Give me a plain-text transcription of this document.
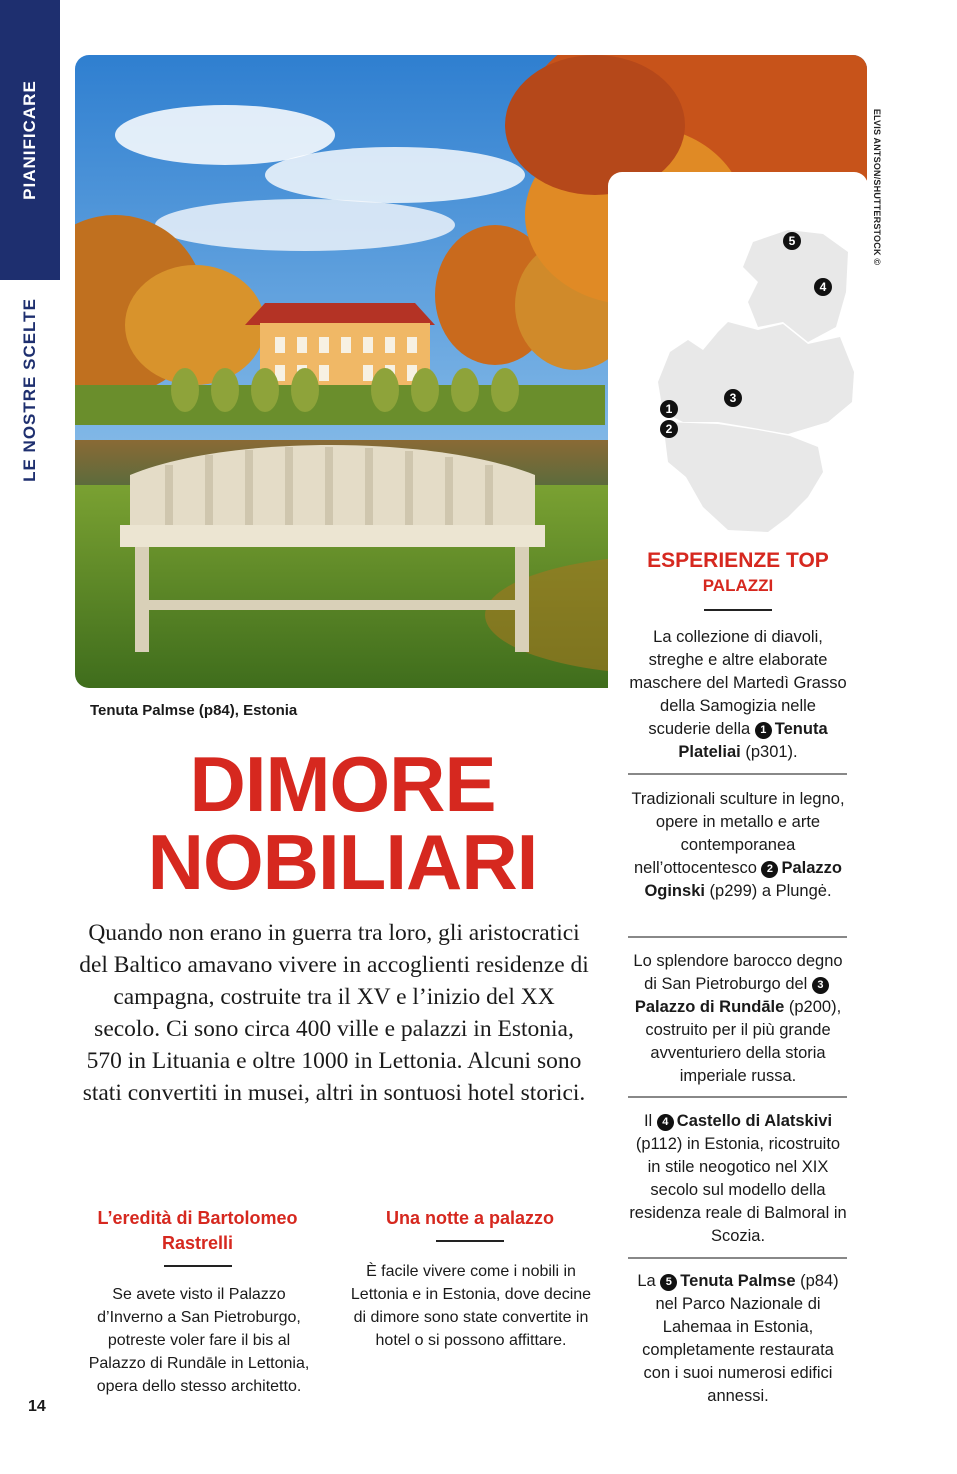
PIANIFICARE
LE NOSTRE SCELTE
ELVIS ANTSON/SHUTTERSTOCK ©
5
4
3
1
2
ESPERIENZE TOP
PALAZZI
La collezione di diavoli, streghe e altre elaborate maschere del Martedì Grasso della Samogizia nelle scuderie della 1 Tenuta Plateliai (p301).
Tradizionali sculture in legno, opere in metallo e arte contemporanea nell’ottocentesco 2 Palazzo Oginski (p299) a Plungė.
Lo splendore barocco degno di San Pietroburgo del 3Palazzo di Rundāle (p200), costruito per il più grande avventuriero della storia imperiale russa.
Il 4 Castello di Alatskivi (p112) in Estonia, ricostruito in stile neogotico nel XIX secolo sul modello della residenza reale di Balmoral in Scozia.
La 5 Tenuta Palmse (p84) nel Parco Nazionale di Lahemaa in Estonia, completamente restaurata con i suoi numerosi edifici annessi.
Tenuta Palmse (p84), Estonia
DIMORE
NOBILIARI
Quando non erano in guerra tra loro, gli aristocratici del Baltico amavano vivere in accoglienti residenze di campagna, costruite tra il XV e l’inizio del XX secolo. Ci sono circa 400 ville e palazzi in Estonia, 570 in Lituania e oltre 1000 in Lettonia. Alcuni sono stati convertiti in musei, altri in sontuosi hotel storici.
L’eredità di Bartolomeo Rastrelli
Se avete visto il Palazzo d’Inverno a San Pietroburgo, potreste voler fare il bis al Palazzo di Rundāle in Lettonia, opera dello stesso architetto.
Una notte a palazzo
È facile vivere come i nobili in Lettonia e in Estonia, dove decine di dimore sono state convertite in hotel o si possono affittare.
14
